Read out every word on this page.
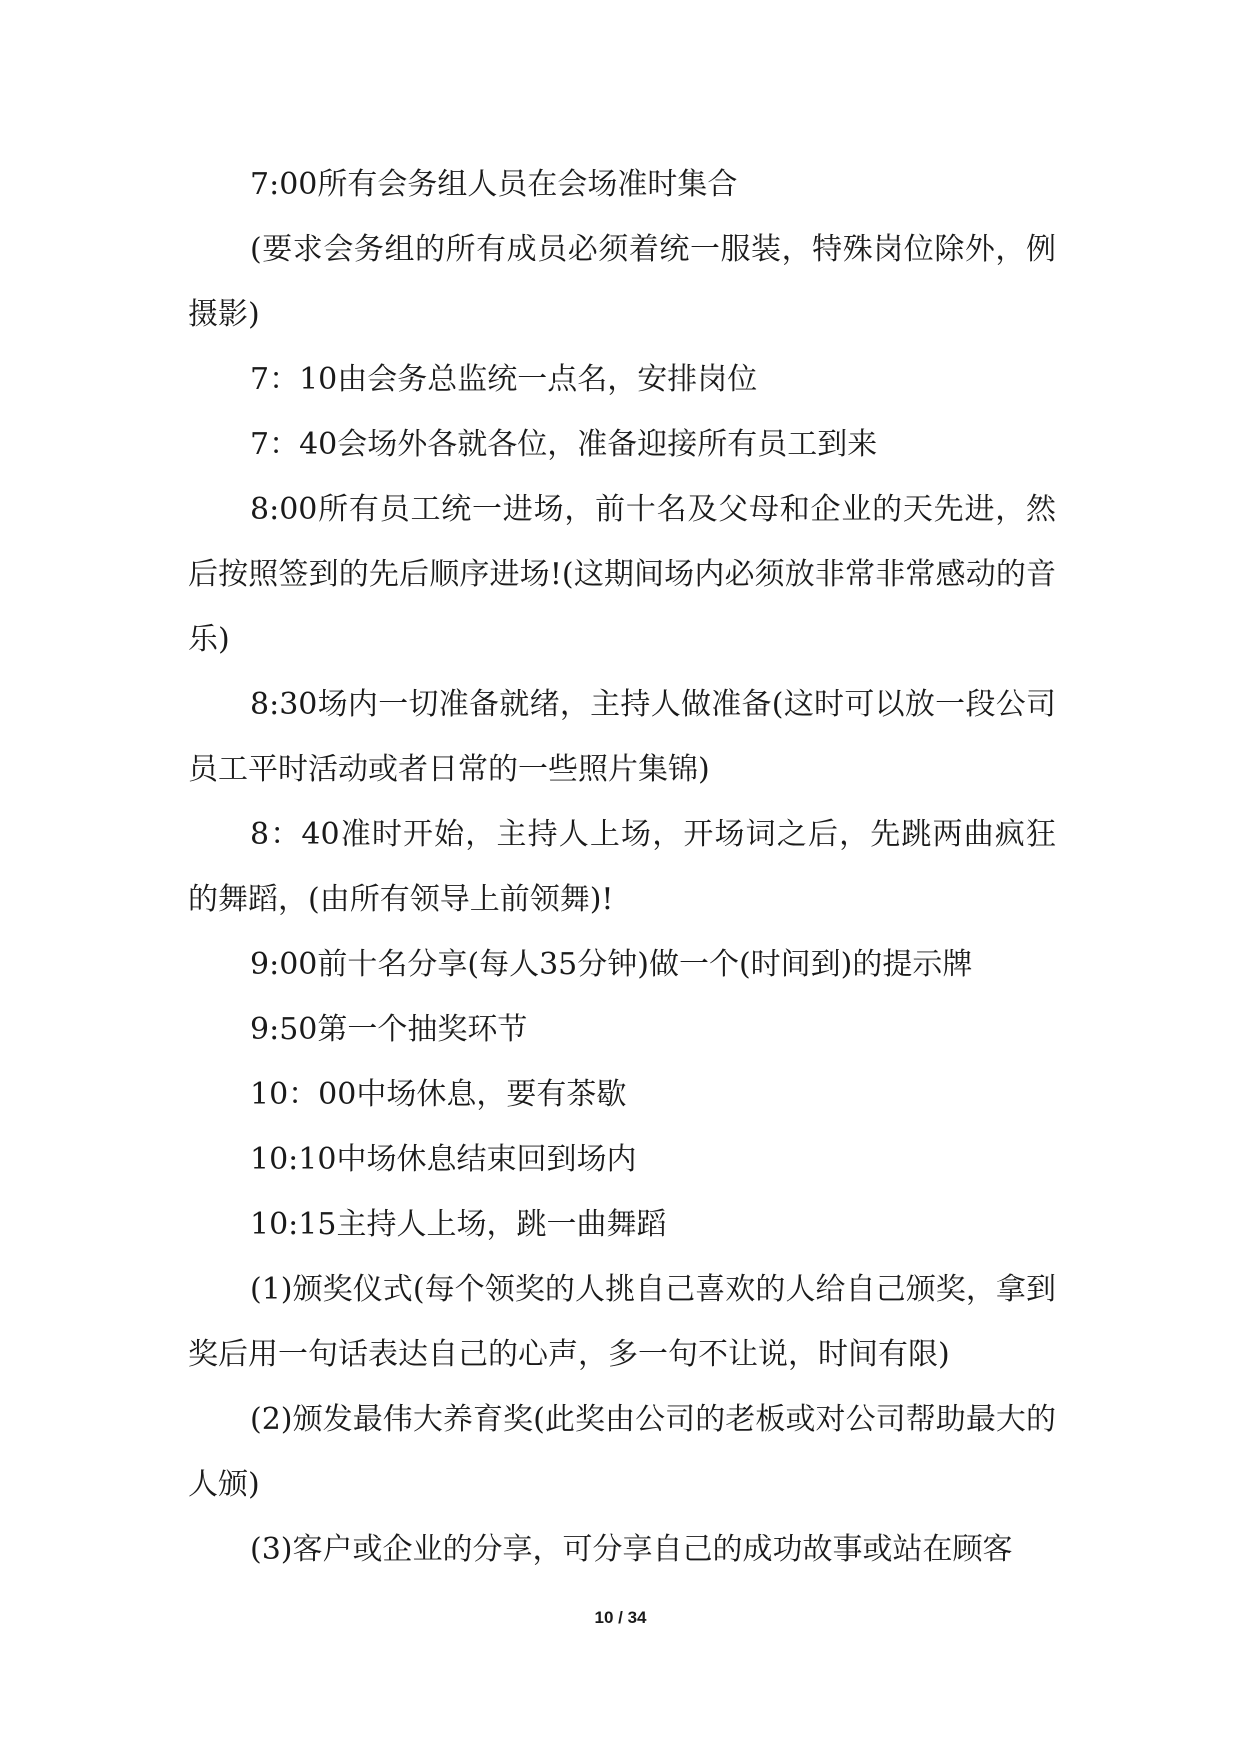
7:00所有会务组人员在会场准时集合

(要求会务组的所有成员必须着统一服装，特殊岗位除外，例摄影)

7：10由会务总监统一点名，安排岗位

7：40会场外各就各位，准备迎接所有员工到来

8:00所有员工统一进场，前十名及父母和企业的天先进，然后按照签到的先后顺序进场!(这期间场内必须放非常非常感动的音乐)

8:30场内一切准备就绪，主持人做准备(这时可以放一段公司员工平时活动或者日常的一些照片集锦)

8：40准时开始，主持人上场，开场词之后，先跳两曲疯狂的舞蹈，(由所有领导上前领舞)!

9:00前十名分享(每人35分钟)做一个(时间到)的提示牌

9:50第一个抽奖环节

10：00中场休息，要有茶歇

10:10中场休息结束回到场内

10:15主持人上场，跳一曲舞蹈

(1)颁奖仪式(每个领奖的人挑自己喜欢的人给自己颁奖，拿到奖后用一句话表达自己的心声，多一句不让说，时间有限)

(2)颁发最伟大养育奖(此奖由公司的老板或对公司帮助最大的人颁)

(3)客户或企业的分享，可分享自己的成功故事或站在顾客

10 / 34
